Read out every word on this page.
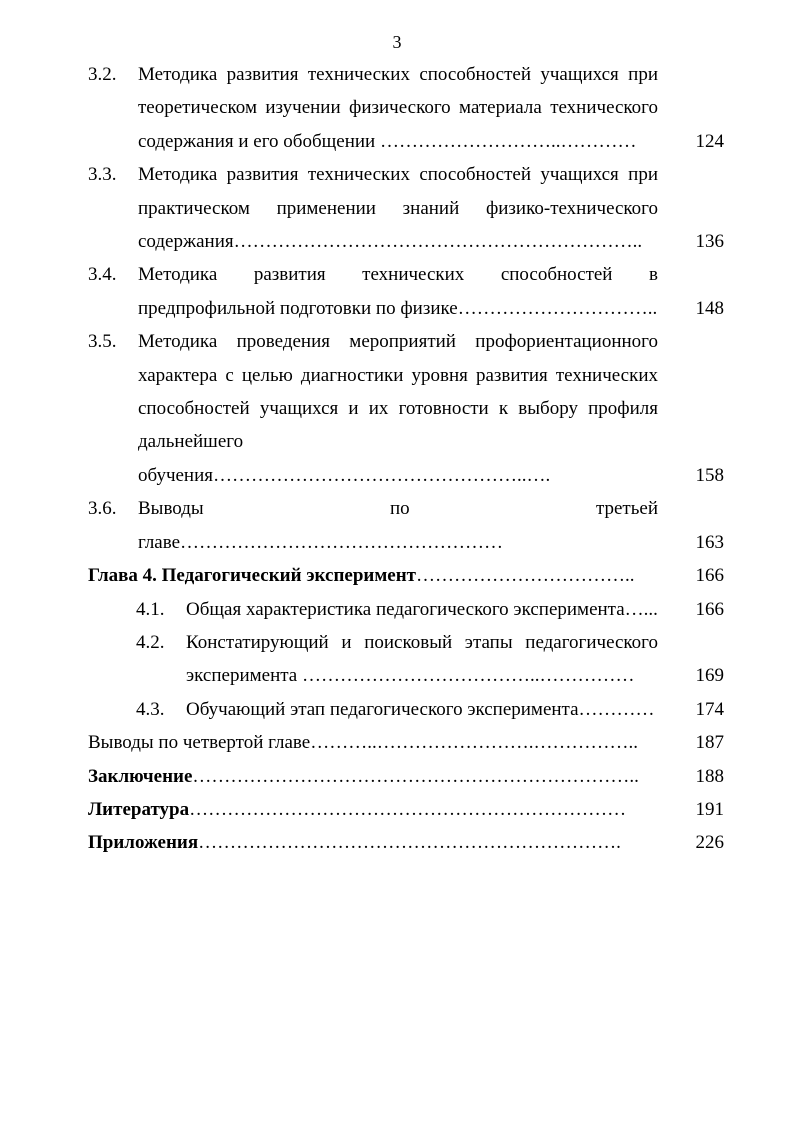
3
3.2. Методика развития технических способностей учащихся при теоретическом изучении физического материала технического содержания и его обобщении ………………………..…………	124
3.3. Методика развития технических способностей учащихся при практическом применении знаний физико-технического содержания………………………………………………………..	136
3.4. Методика развития технических способностей в предпрофильной подготовки по физике………………………….. 148
3.5. Методика проведения мероприятий профориентационного характера с целью диагностики уровня развития технических способностей учащихся и их готовности к выбору профиля дальнейшего обучения…………………………………………..….	158
3.6. Выводы по третьей главе……………………………………………	163
Глава 4. Педагогический эксперимент……………………………..	166
4.1. Общая характеристика педагогического эксперимента…... 166
4.2. Констатирующий и поисковый этапы педагогического эксперимента ………………………………..……………	169
4.3. Обучающий этап педагогического эксперимента………… 174
Выводы по четвертой главе………..…………………….……………..	187
Заключение……………………………………………………………..	188
Литература……………………………………………………………	191
Приложения………………………………………………………….	226
